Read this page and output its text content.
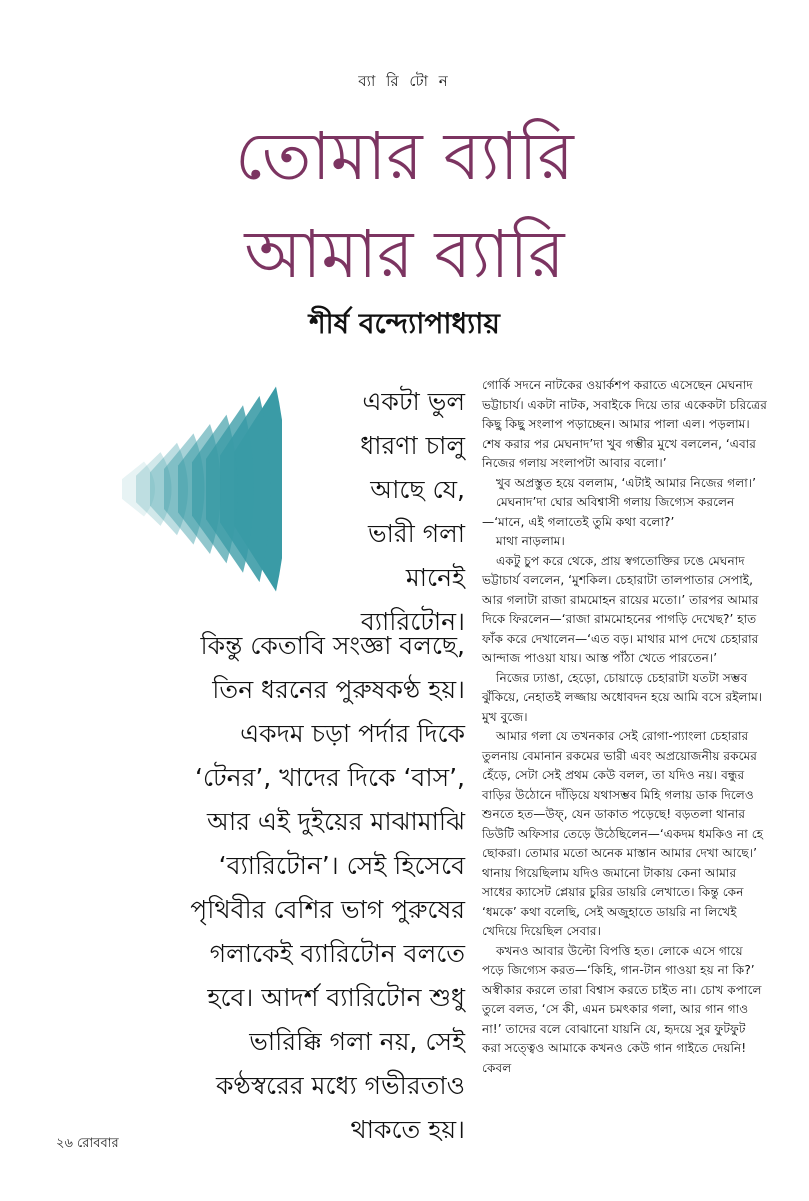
ব্যা রি টো ন
তোমার ব্যারি
আমার ব্যারি
শীর্ষ বন্দ্যোপাধ্যায়
একটা ভুল
ধারণা চালু
আছে যে,
ভারী গলা
মানেই
ব্যারিটোন।
কিন্তু কেতাবি সংজ্ঞা বলছে,
তিন ধরনের পুরুষকণ্ঠ হয়।
একদম চড়া পর্দার দিকে
‘টেনর’, খাদের দিকে ‘বাস’,
আর এই দুইয়ের মাঝামাঝি
‘ব্যারিটোন’। সেই হিসেবে
পৃথিবীর বেশির ভাগ পুরুষের
গলাকেই ব্যারিটোন বলতে
হবে। আদর্শ ব্যারিটোন শুধু
ভারিক্কি গলা নয়, সেই
কণ্ঠস্বরের মধ্যে গভীরতাও
থাকতে হয়।

গোর্কি সদনে নাটকের ওয়ার্কশপ করাতে এসেছেন মেঘনাদ ভট্টাচার্য। একটা নাটক, সবাইকে দিয়ে তার একেকটা চরিত্রের কিছু কিছু সংলাপ পড়াচ্ছেন। আমার পালা এল। পড়লাম। শেষ করার পর মেঘনাদ’দা খুব গম্ভীর মুখে বললেন, ‘এবার নিজের গলায় সংলাপটা আবার বলো।’

খুব অপ্রস্তুত হয়ে বললাম, ‘এটাই আমার নিজের গলা।’

মেঘনাদ’দা ঘোর অবিশ্বাসী গলায় জিগ্যেস করলেন—‘মানে, এই গলাতেই তুমি কথা বলো?’

মাথা নাড়লাম।

একটু চুপ করে থেকে, প্রায় স্বগতোক্তির ঢঙে মেঘনাদ ভট্টাচার্য বললেন, ‘মুশকিল। চেহারাটা তালপাতার সেপাই, আর গলাটা রাজা রামমোহন রায়ের মতো।’ তারপর আমার দিকে ফিরলেন—‘রাজা রামমোহনের পাগড়ি দেখেছ?’ হাত ফাঁক করে দেখালেন—‘এত বড়। মাথার মাপ দেখে চেহারার আন্দাজ পাওয়া যায়। আস্ত পাঁঠা খেতে পারতেন।’

নিজের ঢ্যাঙা, হেড়ো, চোয়াড়ে চেহারাটা যতটা সম্ভব ঝুঁকিয়ে, নেহাতই লজ্জায় অধোবদন হয়ে আমি বসে রইলাম। মুখ বুজে।

আমার গলা যে তখনকার সেই রোগা-প্যাংলা চেহারার তুলনায় বেমানান রকমের ভারী এবং অপ্রয়োজনীয় রকমের হেঁড়ে, সেটা সেই প্রথম কেউ বলল, তা যদিও নয়। বন্ধুর বাড়ির উঠোনে দাঁড়িয়ে যথাসম্ভব মিহি গলায় ডাক দিলেও শুনতে হত—উফ্, যেন ডাকাত পড়েছে! বড়তলা থানার ডিউটি অফিসার তেড়ে উঠেছিলেন—‘একদম ধমকিও না হে ছোকরা। তোমার মতো অনেক মাস্তান আমার দেখা আছে।’ থানায় গিয়েছিলাম যদিও জমানো টাকায় কেনা আমার সাধের ক্যাসেট প্লেয়ার চুরির ডায়রি লেখাতে। কিন্তু কেন ‘ধমকে’ কথা বলেছি, সেই অজুহাতে ডায়রি না লিখেই খেদিয়ে দিয়েছিল সেবার।

কখনও আবার উল্টো বিপত্তি হত। লোকে এসে গায়ে পড়ে জিগ্যেস করত—‘কিহি, গান-টান গাওয়া হয় না কি?’ অস্বীকার করলে তারা বিশ্বাস করতে চাইত না। চোখ কপালে তুলে বলত, ‘সে কী, এমন চমৎকার গলা, আর গান গাও না!’ তাদের বলে বোঝানো যায়নি যে, হৃদয়ে সুর ফুটফুট করা সত্ত্বেও আমাকে কখনও কেউ গান গাইতে দেয়নি! কেবল

২৬ রোববার
